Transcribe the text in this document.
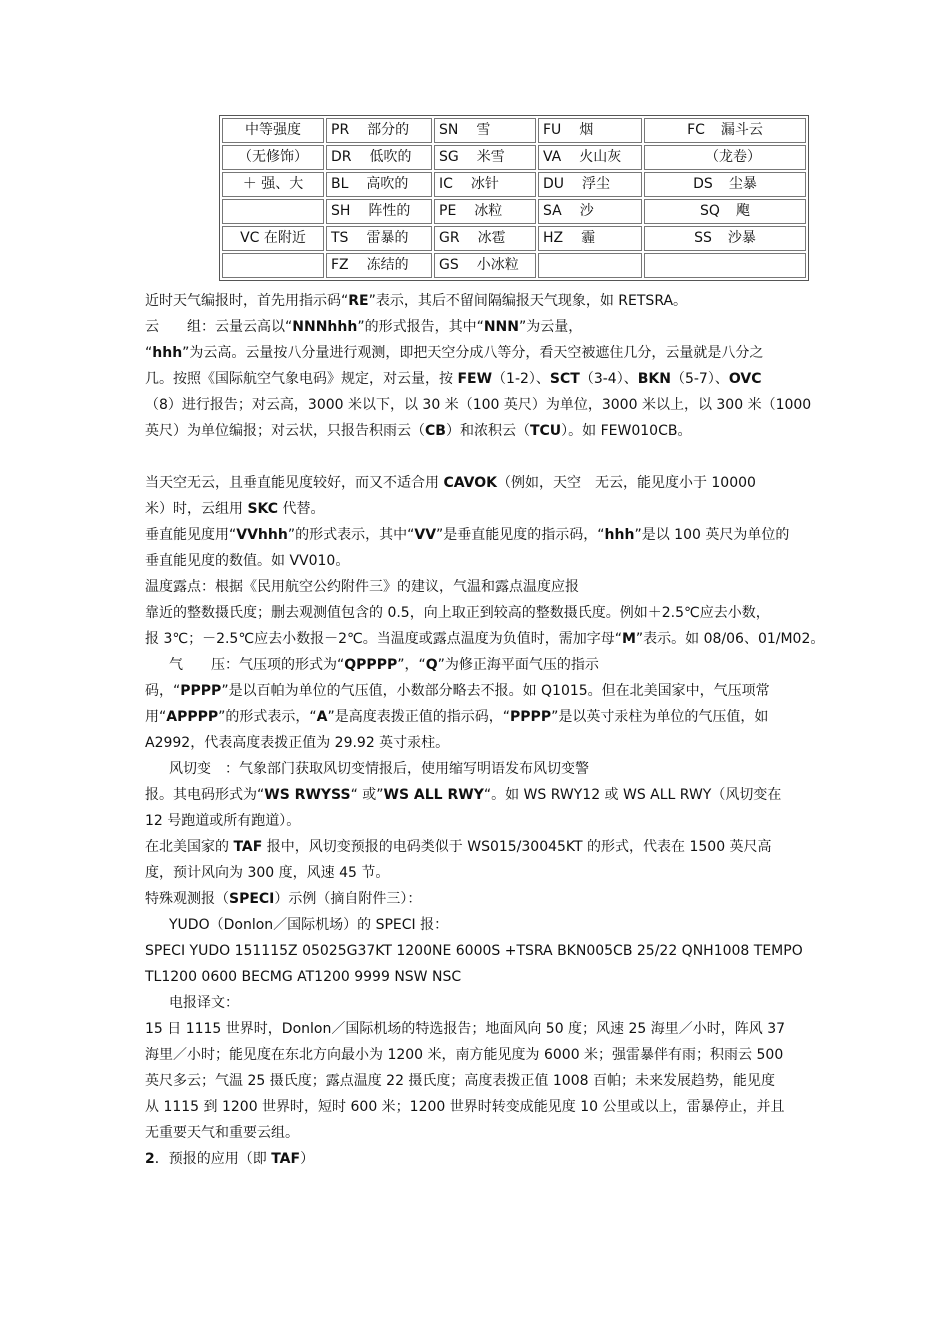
中等强度	PR 部分的	SN 雪	FU 烟	FC 漏斗云
（无修饰）	DR 低吹的	SG 米雪	VA 火山灰	（龙卷）
＋ 强、大	BL 高吹的	IC 冰针	DU 浮尘	DS 尘暴
	SH 阵性的	PE 冰粒	SA 沙	SQ 飑
VC 在附近	TS 雷暴的	GR 冰雹	HZ 霾	SS 沙暴
	FZ 冻结的	GS 小冰粒		
近时天气编报时，首先用指示码“RE”表示，其后不留间隔编报天气现象，如 RETSRA。
云　　组：云量云高以“NNNhhh”的形式报告，其中“NNN”为云量，
“hhh”为云高。云量按八分量进行观测，即把天空分成八等分，看天空被遮住几分，云量就是八分之
几。按照《国际航空气象电码》规定，对云量，按 FEW（1-2）、SCT（3-4）、BKN（5-7）、OVC
（8）进行报告；对云高，3000 米以下，以 30 米（100 英尺）为单位，3000 米以上，以 300 米（1000
英尺）为单位编报；对云状，只报告积雨云（CB）和浓积云（TCU）。如 FEW010CB。
当天空无云，且垂直能见度较好，而又不适合用 CAVOK（例如，天空　无云，能见度小于 10000
米）时，云组用 SKC 代替。
垂直能见度用“VVhhh”的形式表示，其中“VV”是垂直能见度的指示码，“hhh”是以 100 英尺为单位的
垂直能见度的数值。如 VV010。
温度露点：根据《民用航空公约附件三》的建议，气温和露点温度应报
靠近的整数摄氏度；删去观测值包含的 0.5，向上取正到较高的整数摄氏度。例如＋2.5℃应去小数，
报 3℃；－2.5℃应去小数报－2℃。当温度或露点温度为负值时，需加字母“M”表示。如 08/06、01/M02。
气　　压：气压项的形式为“QPPPP”，“Q”为修正海平面气压的指示
码，“PPPP”是以百帕为单位的气压值，小数部分略去不报。如 Q1015。但在北美国家中，气压项常
用“APPPP”的形式表示，“A”是高度表拨正值的指示码，“PPPP”是以英寸汞柱为单位的气压值，如
A2992，代表高度表拨正值为 29.92 英寸汞柱。
风切变　：气象部门获取风切变情报后，使用缩写明语发布风切变警
报。其电码形式为“WS RWYSS“ 或”WS ALL RWY“。如 WS RWY12 或 WS ALL RWY（风切变在
12 号跑道或所有跑道）。
在北美国家的 TAF 报中，风切变预报的电码类似于 WS015/30045KT 的形式，代表在 1500 英尺高
度，预计风向为 300 度，风速 45 节。
特殊观测报（SPECI）示例（摘自附件三）：
YUDO（Donlon／国际机场）的 SPECI 报：
SPECI YUDO 151115Z 05025G37KT 1200NE 6000S +TSRA BKN005CB 25/22 QNH1008 TEMPO
TL1200 0600 BECMG AT1200 9999 NSW NSC
电报译文：
15 日 1115 世界时，Donlon／国际机场的特选报告；地面风向 50 度；风速 25 海里／小时，阵风 37
海里／小时；能见度在东北方向最小为 1200 米，南方能见度为 6000 米；强雷暴伴有雨；积雨云 500
英尺多云；气温 25 摄氏度；露点温度 22 摄氏度；高度表拨正值 1008 百帕；未来发展趋势，能见度
从 1115 到 1200 世界时，短时 600 米；1200 世界时转变成能见度 10 公里或以上，雷暴停止，并且
无重要天气和重要云组。
2．预报的应用（即 TAF）
